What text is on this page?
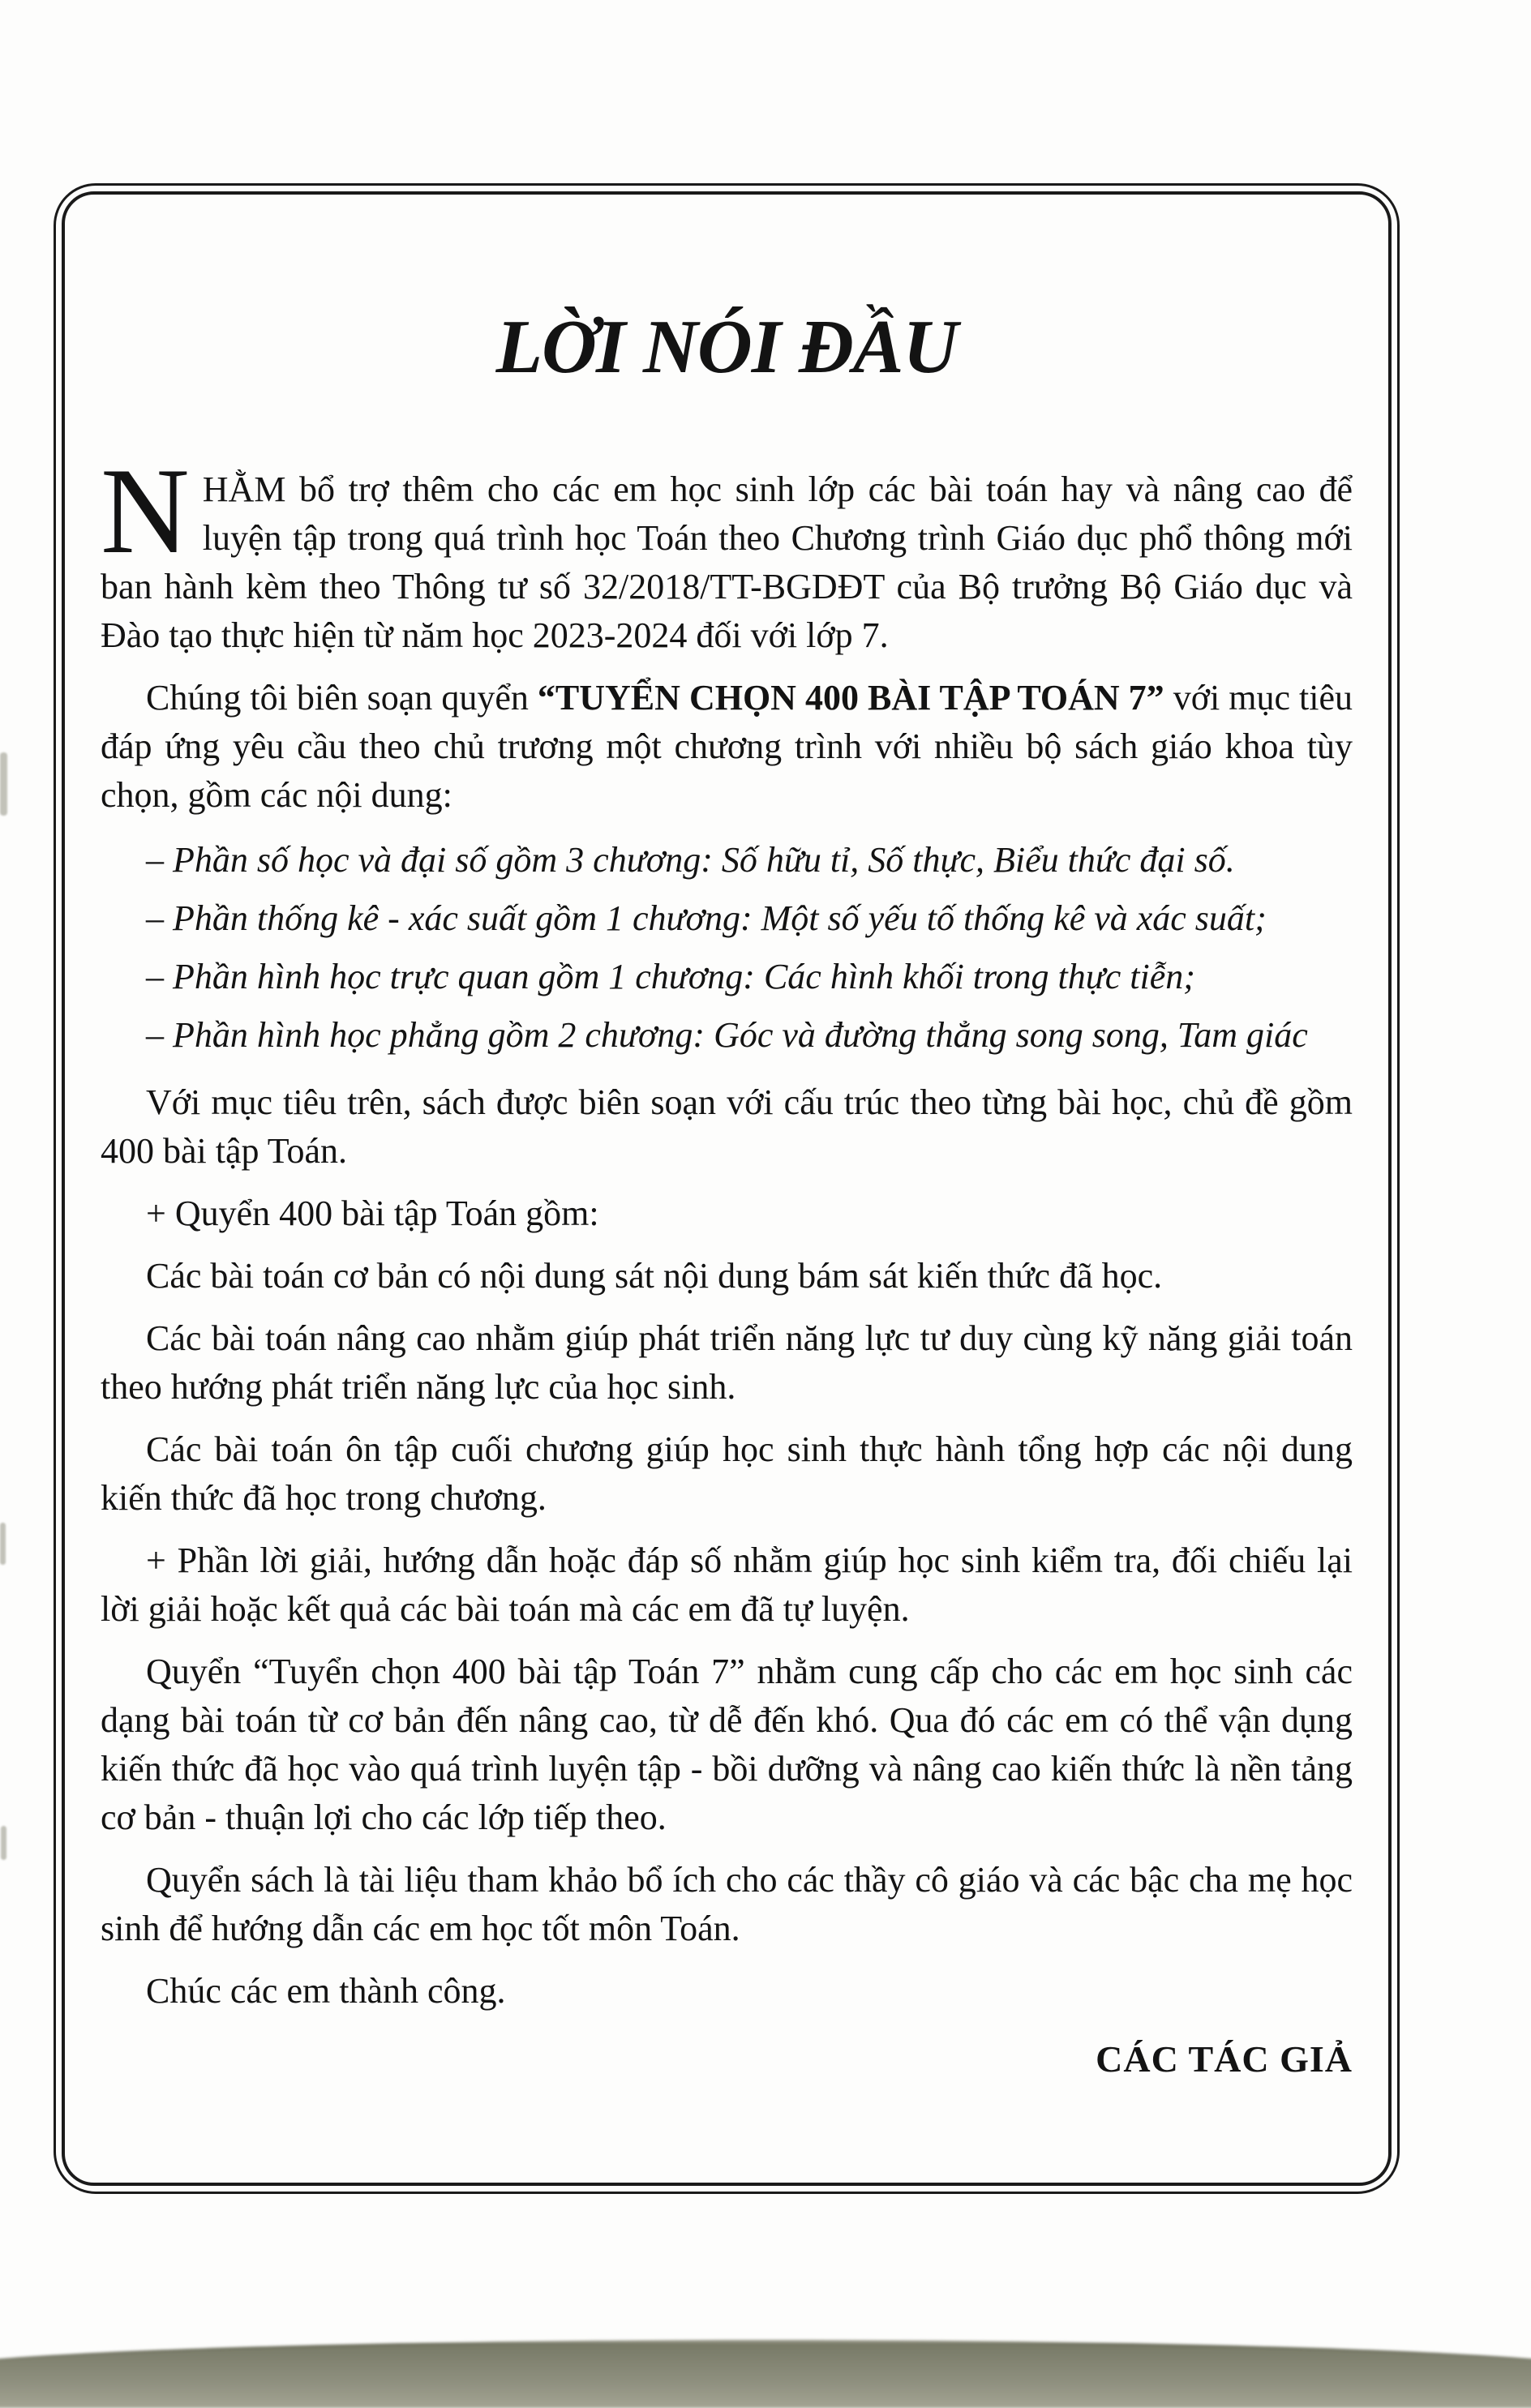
LỜI NÓI ĐẦU

NHẰM bổ trợ thêm cho các em học sinh lớp các bài toán hay và nâng cao để luyện tập trong quá trình học Toán theo Chương trình Giáo dục phổ thông mới ban hành kèm theo Thông tư số 32/2018/TT-BGDĐT của Bộ trưởng Bộ Giáo dục và Đào tạo thực hiện từ năm học 2023-2024 đối với lớp 7.

Chúng tôi biên soạn quyển “TUYỂN CHỌN 400 BÀI TẬP TOÁN 7” với mục tiêu đáp ứng yêu cầu theo chủ trương một chương trình với nhiều bộ sách giáo khoa tùy chọn, gồm các nội dung:

– Phần số học và đại số gồm 3 chương: Số hữu tỉ, Số thực, Biểu thức đại số.
– Phần thống kê - xác suất gồm 1 chương: Một số yếu tố thống kê và xác suất;
– Phần hình học trực quan gồm 1 chương: Các hình khối trong thực tiễn;
– Phần hình học phẳng gồm 2 chương: Góc và đường thẳng song song, Tam giác

Với mục tiêu trên, sách được biên soạn với cấu trúc theo từng bài học, chủ đề gồm 400 bài tập Toán.

+ Quyển 400 bài tập Toán gồm:

Các bài toán cơ bản có nội dung sát nội dung bám sát kiến thức đã học.

Các bài toán nâng cao nhằm giúp phát triển năng lực tư duy cùng kỹ năng giải toán theo hướng phát triển năng lực của học sinh.

Các bài toán ôn tập cuối chương giúp học sinh thực hành tổng hợp các nội dung kiến thức đã học trong chương.

+ Phần lời giải, hướng dẫn hoặc đáp số nhằm giúp học sinh kiểm tra, đối chiếu lại lời giải hoặc kết quả các bài toán mà các em đã tự luyện.

Quyển “Tuyển chọn 400 bài tập Toán 7” nhằm cung cấp cho các em học sinh các dạng bài toán từ cơ bản đến nâng cao, từ dễ đến khó. Qua đó các em có thể vận dụng kiến thức đã học vào quá trình luyện tập - bồi dưỡng và nâng cao kiến thức là nền tảng cơ bản - thuận lợi cho các lớp tiếp theo.

Quyển sách là tài liệu tham khảo bổ ích cho các thầy cô giáo và các bậc cha mẹ học sinh để hướng dẫn các em học tốt môn Toán.

Chúc các em thành công.

CÁC TÁC GIẢ
